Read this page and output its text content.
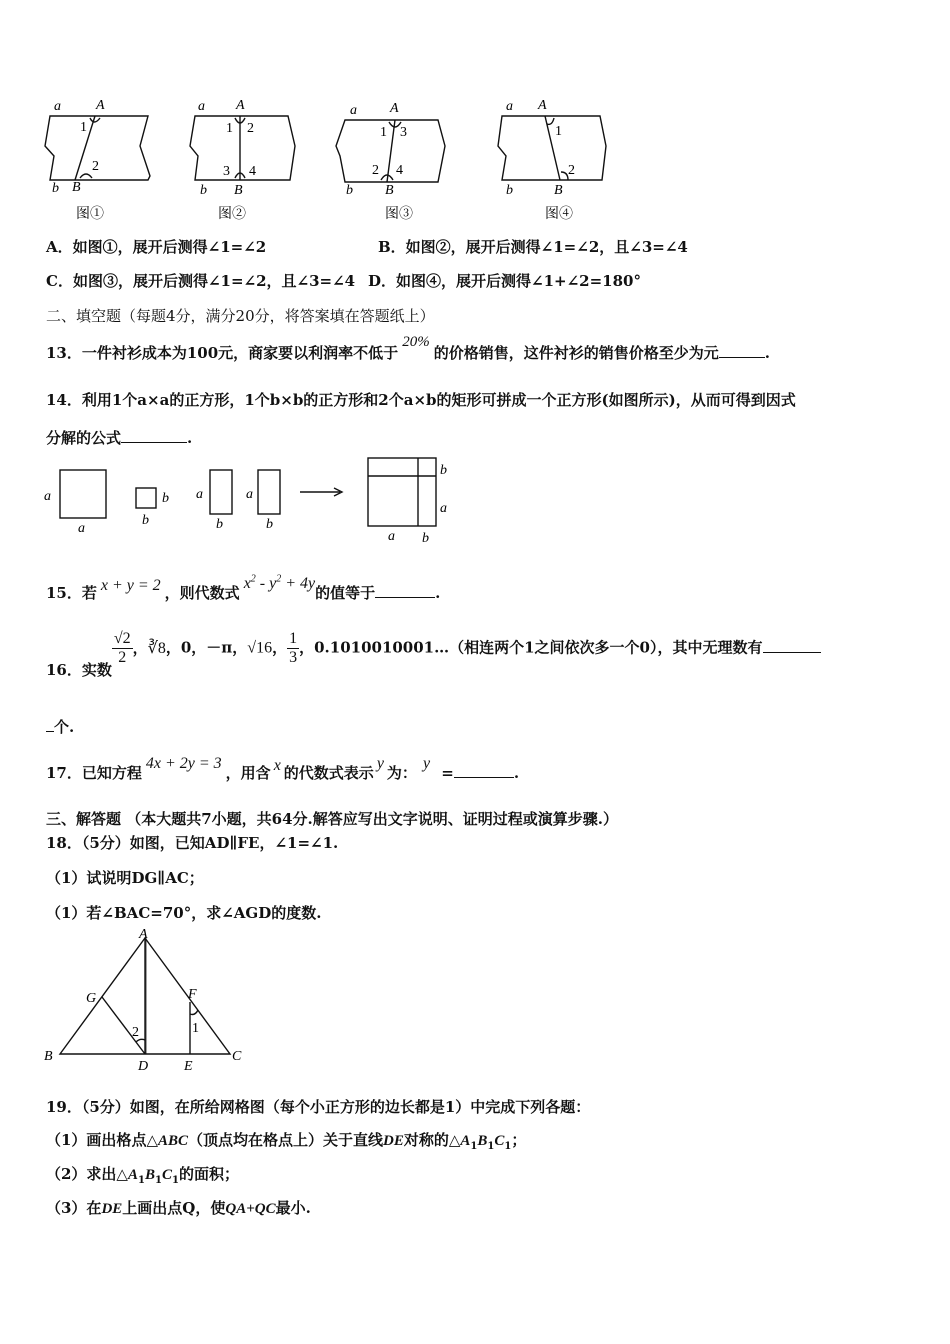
a	A
1
2
b B
图①
a A
1 2
3 4
b B
图②
a A
1 3
2 4
b B
图③
a A
1
2
b	B
图④
A．如图①，展开后测得∠1=∠2	B．如图②，展开后测得∠1=∠2，且∠3=∠4
C．如图③，展开后测得∠1=∠2，且∠3=∠4 D．如图④，展开后测得∠1+∠2=180°
二、填空题（每题4分，满分20分，将答案填在答题纸上）
13．一件衬衫成本为100元，商家要以利润率不低于20%的价格销售，这件衬衫的销售价格至少为元	.
14．利用1个a×a的正方形，1个b×b的正方形和2个a×b的矩形可拼成一个正方形(如图所示)，从而可得到因式
分解的公式	.
a
a
b
b
a
b
a
b
b
a
a b
15．若 x + y = 2 ，则代数式$x^2 - y^2 + 4y$的值等于	.
16．实数
$\frac{√2}{2}$ ，∛8，0，－π，√16， $\frac{1}{3}$ ，0.1010010001…（相连两个1之间依次多一个0），其中无理数有
个.
17．已知方程4x + 2y = 3，用含 x 的代数式表示y为：y =	.
三、解答题 （本大题共7小题，共64分.解答应写出文字说明、证明过程或演算步骤.）
18．（5分）如图，已知AD∥FE，∠1=∠1.
（1）试说明DG∥AC；
（1）若∠BAC=70°，求∠AGD的度数.
A
G	F
2	1
B
D	E
C
19．（5分）如图，在所给网格图（每个小正方形的边长都是1）中完成下列各题：
（1）画出格点△ABC（顶点均在格点上）关于直线DE对称的$\triangle A_1B_1C_1$；
（2）求出$\triangle A_1B_1C_1$的面积；
（3）在DE上画出点Q，使QA+QC最小.
